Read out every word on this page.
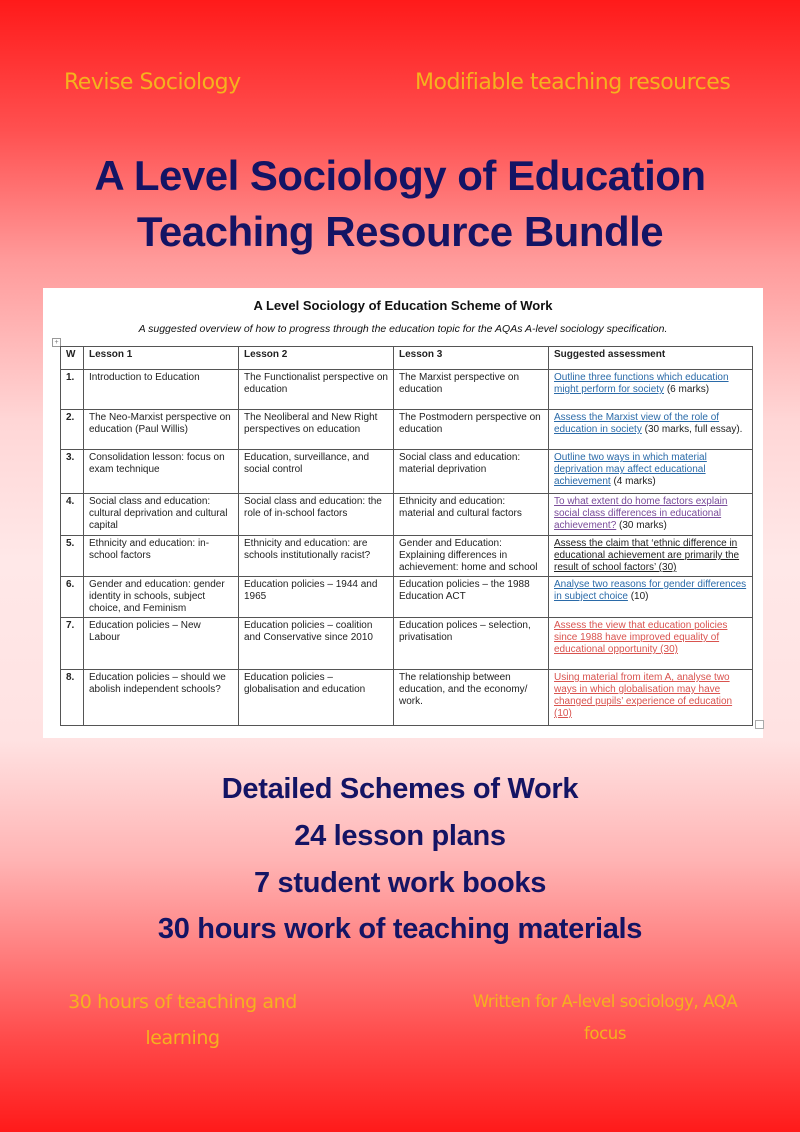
Revise Sociology	Modifiable teaching resources
A Level Sociology of Education
Teaching Resource Bundle
A Level Sociology of Education Scheme of Work
A suggested overview of how to progress through the education topic for the AQAs A-level sociology specification.
+
W	Lesson 1	Lesson 2	Lesson 3	Suggested assessment
1.	Introduction to Education	The Functionalist perspective on education	The Marxist perspective on education	Outline three functions which education might perform for society (6 marks)
2.	The Neo-Marxist perspective on education (Paul Willis)	The Neoliberal and New Right perspectives on education	The Postmodern perspective on education	Assess the Marxist view of the role of education in society (30 marks, full essay).
3.	Consolidation lesson: focus on exam technique	Education, surveillance, and social control	Social class and education: material deprivation	Outline two ways in which material deprivation may affect educational achievement (4 marks)
4.	Social class and education: cultural deprivation and cultural capital	Social class and education: the role of in-school factors	Ethnicity and education: material and cultural factors	To what extent do home factors explain social class differences in educational achievement? (30 marks)
5.	Ethnicity and education: in-school factors	Ethnicity and education: are schools institutionally racist?	Gender and Education: Explaining differences in achievement: home and school	Assess the claim that ‘ethnic difference in educational achievement are primarily the result of school factors’ (30)
6.	Gender and education: gender identity in schools, subject choice, and Feminism	Education policies – 1944 and 1965	Education policies – the 1988 Education ACT	Analyse two reasons for gender differences in subject choice (10)
7.	Education policies – New Labour	Education policies – coalition and Conservative since 2010	Education polices – selection, privatisation	Assess the view that education policies since 1988 have improved equality of educational opportunity (30)
8.	Education policies – should we abolish independent schools?	Education policies – globalisation and education	The relationship between education, and the economy/ work.	Using material from item A, analyse two ways in which globalisation may have changed pupils’ experience of education (10)
Detailed Schemes of Work
24 lesson plans
7 student work books
30 hours work of teaching materials
30 hours of teaching and learning
Written for A-level sociology, AQA focus
